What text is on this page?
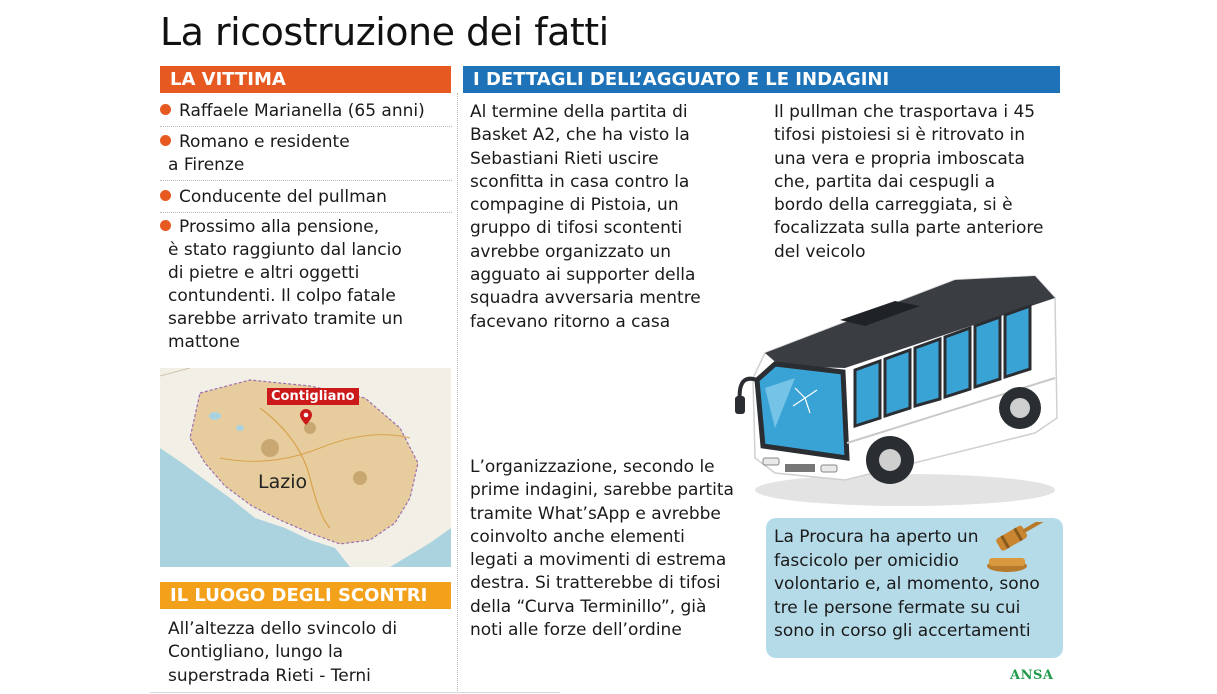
La ricostruzione dei fatti
LA VITTIMA
Raffaele Marianella (65 anni)
Romano e residente
a Firenze
Conducente del pullman
Prossimo alla pensione,
è stato raggiunto dal lancio
di pietre e altri oggetti
contundenti. Il colpo fatale
sarebbe arrivato tramite un
mattone
Contigliano
Lazio
IL LUOGO DEGLI SCONTRI
All’altezza dello svincolo di
Contigliano, lungo la
superstrada Rieti - Terni
I DETTAGLI DELL’AGGUATO E LE INDAGINI
Al termine della partita di
Basket A2, che ha visto la
Sebastiani Rieti uscire
sconfitta in casa contro la
compagine di Pistoia, un
gruppo di tifosi scontenti
avrebbe organizzato un
agguato ai supporter della
squadra avversaria mentre
facevano ritorno a casa
Il pullman che trasportava i 45
tifosi pistoiesi si è ritrovato in
una vera e propria imboscata
che, partita dai cespugli a
bordo della carreggiata, si è
focalizzata sulla parte anteriore
del veicolo
L’organizzazione, secondo le
prime indagini, sarebbe partita
tramite What’sApp e avrebbe
coinvolto anche elementi
legati a movimenti di estrema
destra. Si tratterebbe di tifosi
della “Curva Terminillo”, già
noti alle forze dell’ordine
La Procura ha aperto un
fascicolo per omicidio
volontario e, al momento, sono
tre le persone fermate su cui
sono in corso gli accertamenti
ANSA
